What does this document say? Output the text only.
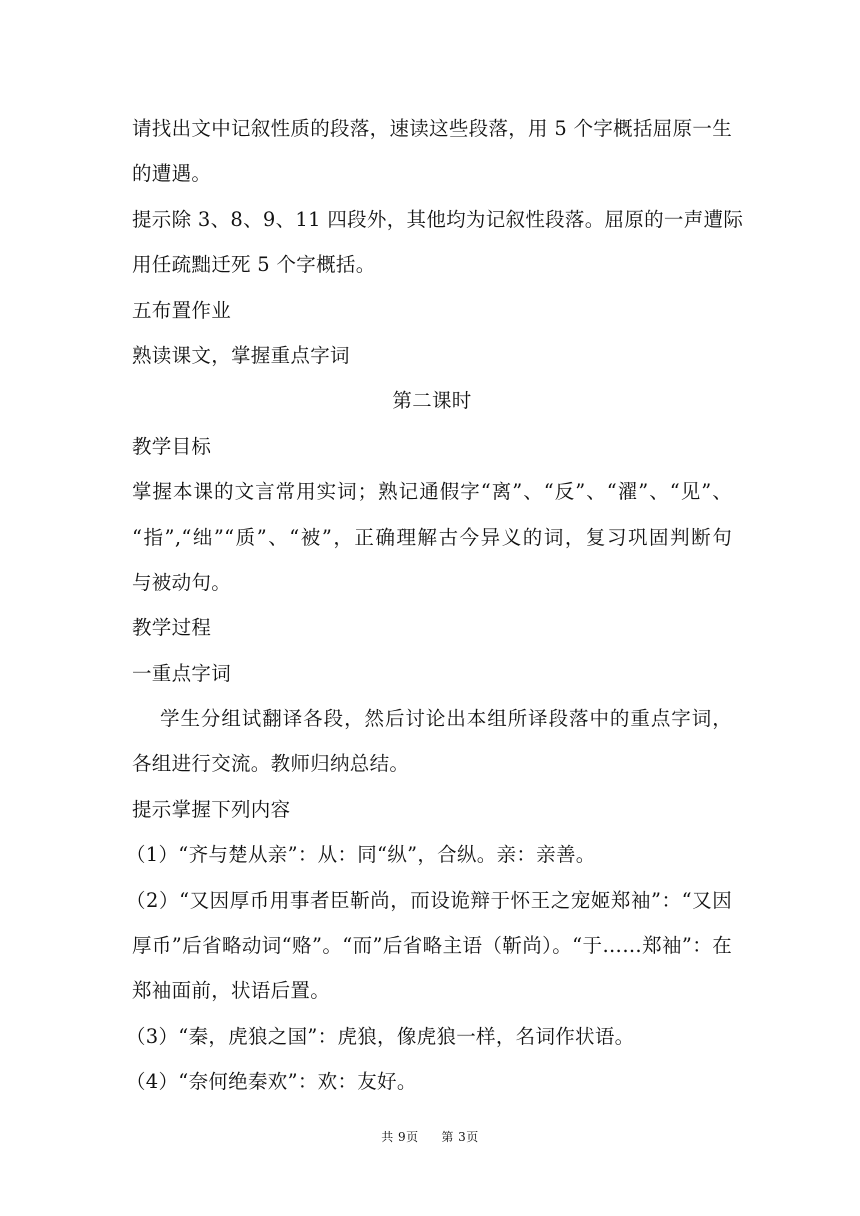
请找出文中记叙性质的段落，速读这些段落，用 5 个字概括屈原一生
的遭遇。
提示除 3、8、9、11 四段外，其他均为记叙性段落。屈原的一声遭际
用任疏黜迁死 5 个字概括。
五布置作业
熟读课文，掌握重点字词
第二课时
教学目标
掌握本课的文言常用实词；熟记通假字“离”、“反”、“濯”、“见”、
“指”,“绌”“质”、“被”，正确理解古今异义的词，复习巩固判断句
与被动句。
教学过程
一重点字词
学生分组试翻译各段，然后讨论出本组所译段落中的重点字词，
各组进行交流。教师归纳总结。
提示掌握下列内容
（1）“齐与楚从亲”：从：同“纵”，合纵。亲：亲善。
（2）“又因厚币用事者臣靳尚，而设诡辩于怀王之宠姬郑袖”：“又因
厚币”后省略动词“赂”。“而”后省略主语（靳尚）。“于……郑袖”：在
郑袖面前，状语后置。
（3）“秦，虎狼之国”：虎狼，像虎狼一样，名词作状语。
（4）“奈何绝秦欢”：欢：友好。
共 9页 第 3页
